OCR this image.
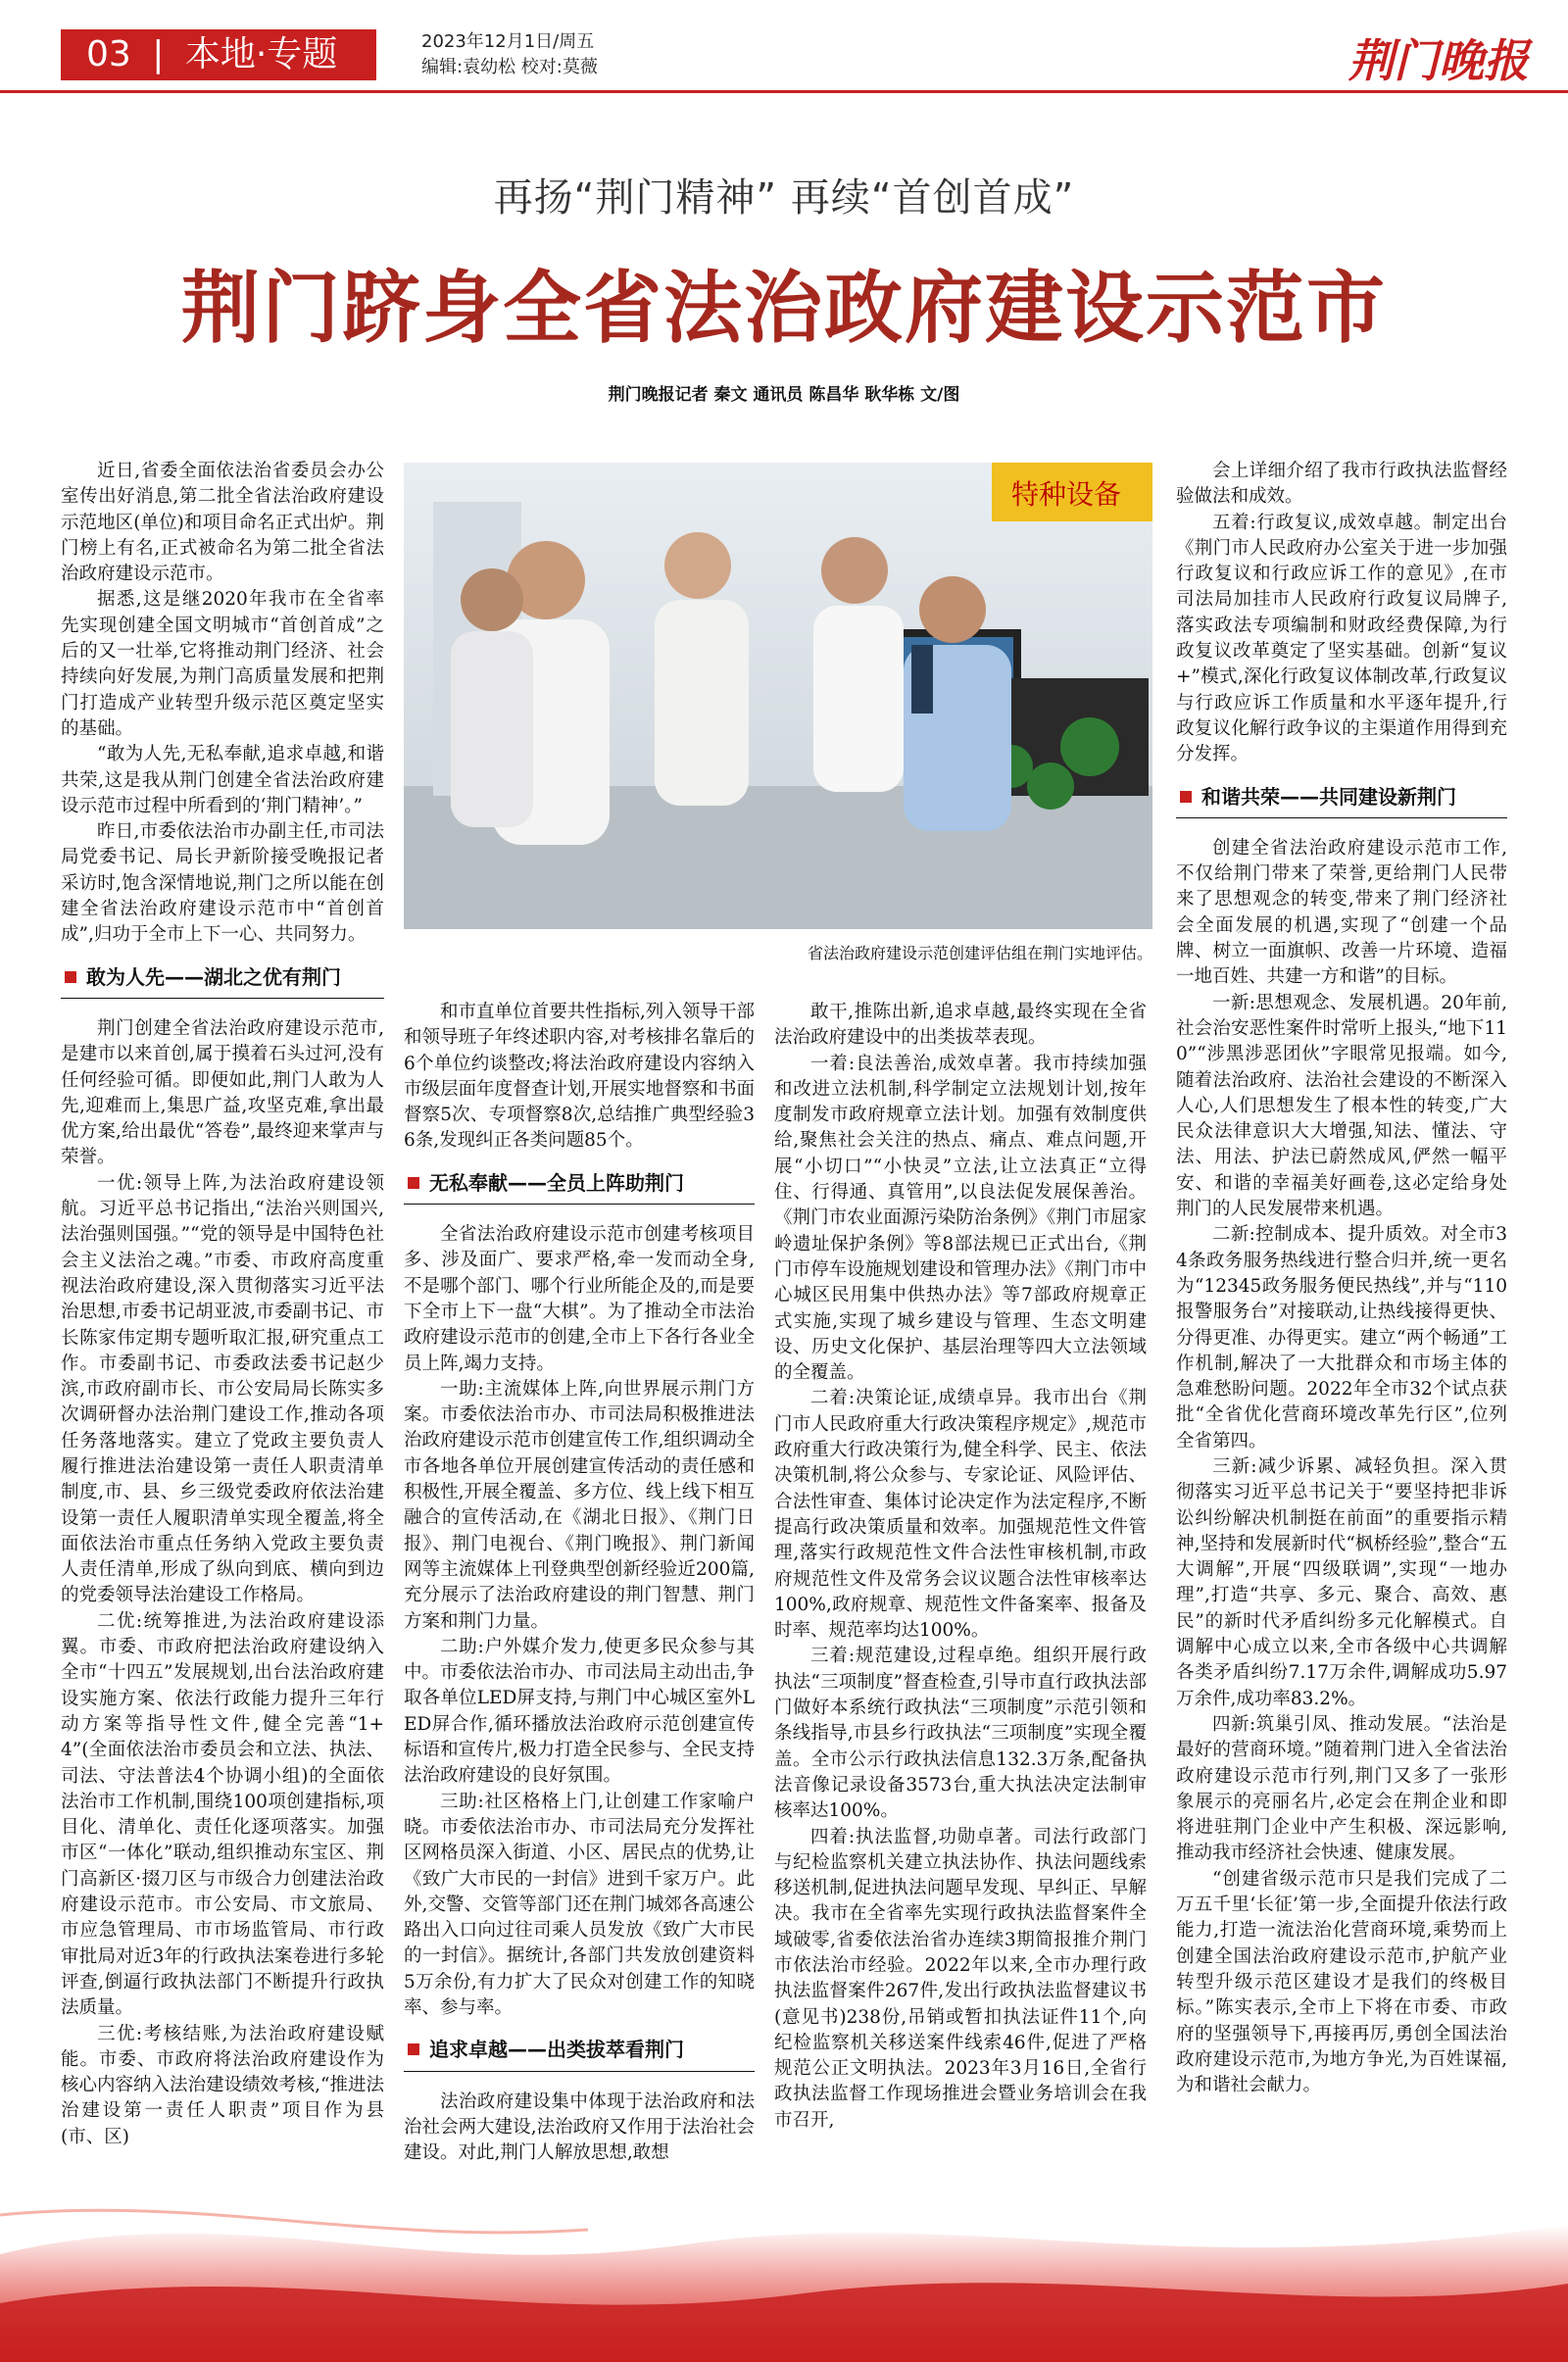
03 | 本地·专题	2023年12月1日/周五
编辑:袁幼松 校对:莫薇	荆门晚报
再扬“荆门精神” 再续“首创首成”
荆门跻身全省法治政府建设示范市
荆门晚报记者 秦文 通讯员 陈昌华 耿华栋 文/图

近日,省委全面依法治省委员会办公室传出好消息,第二批全省法治政府建设示范地区(单位)和项目命名正式出炉。荆门榜上有名,正式被命名为第二批全省法治政府建设示范市。

据悉,这是继2020年我市在全省率先实现创建全国文明城市“首创首成”之后的又一壮举,它将推动荆门经济、社会持续向好发展,为荆门高质量发展和把荆门打造成产业转型升级示范区奠定坚实的基础。

“敢为人先,无私奉献,追求卓越,和谐共荣,这是我从荆门创建全省法治政府建设示范市过程中所看到的‘荆门精神’。”

昨日,市委依法治市办副主任,市司法局党委书记、局长尹新阶接受晚报记者采访时,饱含深情地说,荆门之所以能在创建全省法治政府建设示范市中“首创首成”,归功于全市上下一心、共同努力。

敢为人先——湖北之优有荆门

荆门创建全省法治政府建设示范市,是建市以来首创,属于摸着石头过河,没有任何经验可循。即便如此,荆门人敢为人先,迎难而上,集思广益,攻坚克难,拿出最优方案,给出最优“答卷”,最终迎来掌声与荣誉。

一优:领导上阵,为法治政府建设领航。习近平总书记指出,“法治兴则国兴,法治强则国强。”“党的领导是中国特色社会主义法治之魂。”市委、市政府高度重视法治政府建设,深入贯彻落实习近平法治思想,市委书记胡亚波,市委副书记、市长陈家伟定期专题听取汇报,研究重点工作。市委副书记、市委政法委书记赵少滨,市政府副市长、市公安局局长陈实多次调研督办法治荆门建设工作,推动各项任务落地落实。建立了党政主要负责人履行推进法治建设第一责任人职责清单制度,市、县、乡三级党委政府依法治建设第一责任人履职清单实现全覆盖,将全面依法治市重点任务纳入党政主要负责人责任清单,形成了纵向到底、横向到边的党委领导法治建设工作格局。

二优:统筹推进,为法治政府建设添翼。市委、市政府把法治政府建设纳入全市“十四五”发展规划,出台法治政府建设实施方案、依法行政能力提升三年行动方案等指导性文件,健全完善“1+4”(全面依法治市委员会和立法、执法、司法、守法普法4个协调小组)的全面依法治市工作机制,围绕100项创建指标,项目化、清单化、责任化逐项落实。加强市区“一体化”联动,组织推动东宝区、荆门高新区·掇刀区与市级合力创建法治政府建设示范市。市公安局、市文旅局、市应急管理局、市市场监管局、市行政审批局对近3年的行政执法案卷进行多轮评查,倒逼行政执法部门不断提升行政执法质量。

三优:考核结账,为法治政府建设赋能。市委、市政府将法治政府建设作为核心内容纳入法治建设绩效考核,“推进法治建设第一责任人职责”项目作为县(市、区)

特种设备
省法治政府建设示范创建评估组在荆门实地评估。

和市直单位首要共性指标,列入领导干部和领导班子年终述职内容,对考核排名靠后的6个单位约谈整改;将法治政府建设内容纳入市级层面年度督查计划,开展实地督察和书面督察5次、专项督察8次,总结推广典型经验36条,发现纠正各类问题85个。

无私奉献——全员上阵助荆门

全省法治政府建设示范市创建考核项目多、涉及面广、要求严格,牵一发而动全身,不是哪个部门、哪个行业所能企及的,而是要下全市上下一盘“大棋”。为了推动全市法治政府建设示范市的创建,全市上下各行各业全员上阵,竭力支持。

一助:主流媒体上阵,向世界展示荆门方案。市委依法治市办、市司法局积极推进法治政府建设示范市创建宣传工作,组织调动全市各地各单位开展创建宣传活动的责任感和积极性,开展全覆盖、多方位、线上线下相互融合的宣传活动,在《湖北日报》、《荆门日报》、荆门电视台、《荆门晚报》、荆门新闻网等主流媒体上刊登典型创新经验近200篇,充分展示了法治政府建设的荆门智慧、荆门方案和荆门力量。

二助:户外媒介发力,使更多民众参与其中。市委依法治市办、市司法局主动出击,争取各单位LED屏支持,与荆门中心城区室外LED屏合作,循环播放法治政府示范创建宣传标语和宣传片,极力打造全民参与、全民支持法治政府建设的良好氛围。

三助:社区格格上门,让创建工作家喻户晓。市委依法治市办、市司法局充分发挥社区网格员深入街道、小区、居民点的优势,让《致广大市民的一封信》进到千家万户。此外,交警、交管等部门还在荆门城郊各高速公路出入口向过往司乘人员发放《致广大市民的一封信》。据统计,各部门共发放创建资料5万余份,有力扩大了民众对创建工作的知晓率、参与率。

追求卓越——出类拔萃看荆门

法治政府建设集中体现于法治政府和法治社会两大建设,法治政府又作用于法治社会建设。对此,荆门人解放思想,敢想

敢干,推陈出新,追求卓越,最终实现在全省法治政府建设中的出类拔萃表现。

一着:良法善治,成效卓著。我市持续加强和改进立法机制,科学制定立法规划计划,按年度制发市政府规章立法计划。加强有效制度供给,聚焦社会关注的热点、痛点、难点问题,开展“小切口”“小快灵”立法,让立法真正“立得住、行得通、真管用”,以良法促发展保善治。《荆门市农业面源污染防治条例》《荆门市屈家岭遗址保护条例》等8部法规已正式出台,《荆门市停车设施规划建设和管理办法》《荆门市中心城区民用集中供热办法》等7部政府规章正式实施,实现了城乡建设与管理、生态文明建设、历史文化保护、基层治理等四大立法领域的全覆盖。

二着:决策论证,成绩卓异。我市出台《荆门市人民政府重大行政决策程序规定》,规范市政府重大行政决策行为,健全科学、民主、依法决策机制,将公众参与、专家论证、风险评估、合法性审查、集体讨论决定作为法定程序,不断提高行政决策质量和效率。加强规范性文件管理,落实行政规范性文件合法性审核机制,市政府规范性文件及常务会议议题合法性审核率达100%,政府规章、规范性文件备案率、报备及时率、规范率均达100%。

三着:规范建设,过程卓绝。组织开展行政执法“三项制度”督查检查,引导市直行政执法部门做好本系统行政执法“三项制度”示范引领和条线指导,市县乡行政执法“三项制度”实现全覆盖。全市公示行政执法信息132.3万条,配备执法音像记录设备3573台,重大执法决定法制审核率达100%。

四着:执法监督,功勋卓著。司法行政部门与纪检监察机关建立执法协作、执法问题线索移送机制,促进执法问题早发现、早纠正、早解决。我市在全省率先实现行政执法监督案件全域破零,省委依法治省办连续3期简报推介荆门市依法治市经验。2022年以来,全市办理行政执法监督案件267件,发出行政执法监督建议书(意见书)238份,吊销或暂扣执法证件11个,向纪检监察机关移送案件线索46件,促进了严格规范公正文明执法。2023年3月16日,全省行政执法监督工作现场推进会暨业务培训会在我市召开,

会上详细介绍了我市行政执法监督经验做法和成效。

五着:行政复议,成效卓越。制定出台《荆门市人民政府办公室关于进一步加强行政复议和行政应诉工作的意见》,在市司法局加挂市人民政府行政复议局牌子,落实政法专项编制和财政经费保障,为行政复议改革奠定了坚实基础。创新“复议+”模式,深化行政复议体制改革,行政复议与行政应诉工作质量和水平逐年提升,行政复议化解行政争议的主渠道作用得到充分发挥。

和谐共荣——共同建设新荆门

创建全省法治政府建设示范市工作,不仅给荆门带来了荣誉,更给荆门人民带来了思想观念的转变,带来了荆门经济社会全面发展的机遇,实现了“创建一个品牌、树立一面旗帜、改善一片环境、造福一地百姓、共建一方和谐”的目标。

一新:思想观念、发展机遇。20年前,社会治安恶性案件时常听上报头,“地下110”“涉黑涉恶团伙”字眼常见报端。如今,随着法治政府、法治社会建设的不断深入人心,人们思想发生了根本性的转变,广大民众法律意识大大增强,知法、懂法、守法、用法、护法已蔚然成风,俨然一幅平安、和谐的幸福美好画卷,这必定给身处荆门的人民发展带来机遇。

二新:控制成本、提升质效。对全市34条政务服务热线进行整合归并,统一更名为“12345政务服务便民热线”,并与“110报警服务台”对接联动,让热线接得更快、分得更准、办得更实。建立“两个畅通”工作机制,解决了一大批群众和市场主体的急难愁盼问题。2022年全市32个试点获批“全省优化营商环境改革先行区”,位列全省第四。

三新:减少诉累、减轻负担。深入贯彻落实习近平总书记关于“要坚持把非诉讼纠纷解决机制挺在前面”的重要指示精神,坚持和发展新时代“枫桥经验”,整合“五大调解”,开展“四级联调”,实现“一地办理”,打造“共享、多元、聚合、高效、惠民”的新时代矛盾纠纷多元化解模式。自调解中心成立以来,全市各级中心共调解各类矛盾纠纷7.17万余件,调解成功5.97万余件,成功率83.2%。

四新:筑巢引凤、推动发展。“法治是最好的营商环境。”随着荆门进入全省法治政府建设示范市行列,荆门又多了一张形象展示的亮丽名片,必定会在荆企业和即将进驻荆门企业中产生积极、深远影响,推动我市经济社会快速、健康发展。

“创建省级示范市只是我们完成了二万五千里‘长征’第一步,全面提升依法行政能力,打造一流法治化营商环境,乘势而上创建全国法治政府建设示范市,护航产业转型升级示范区建设才是我们的终极目标。”陈实表示,全市上下将在市委、市政府的坚强领导下,再接再厉,勇创全国法治政府建设示范市,为地方争光,为百姓谋福,为和谐社会献力。
